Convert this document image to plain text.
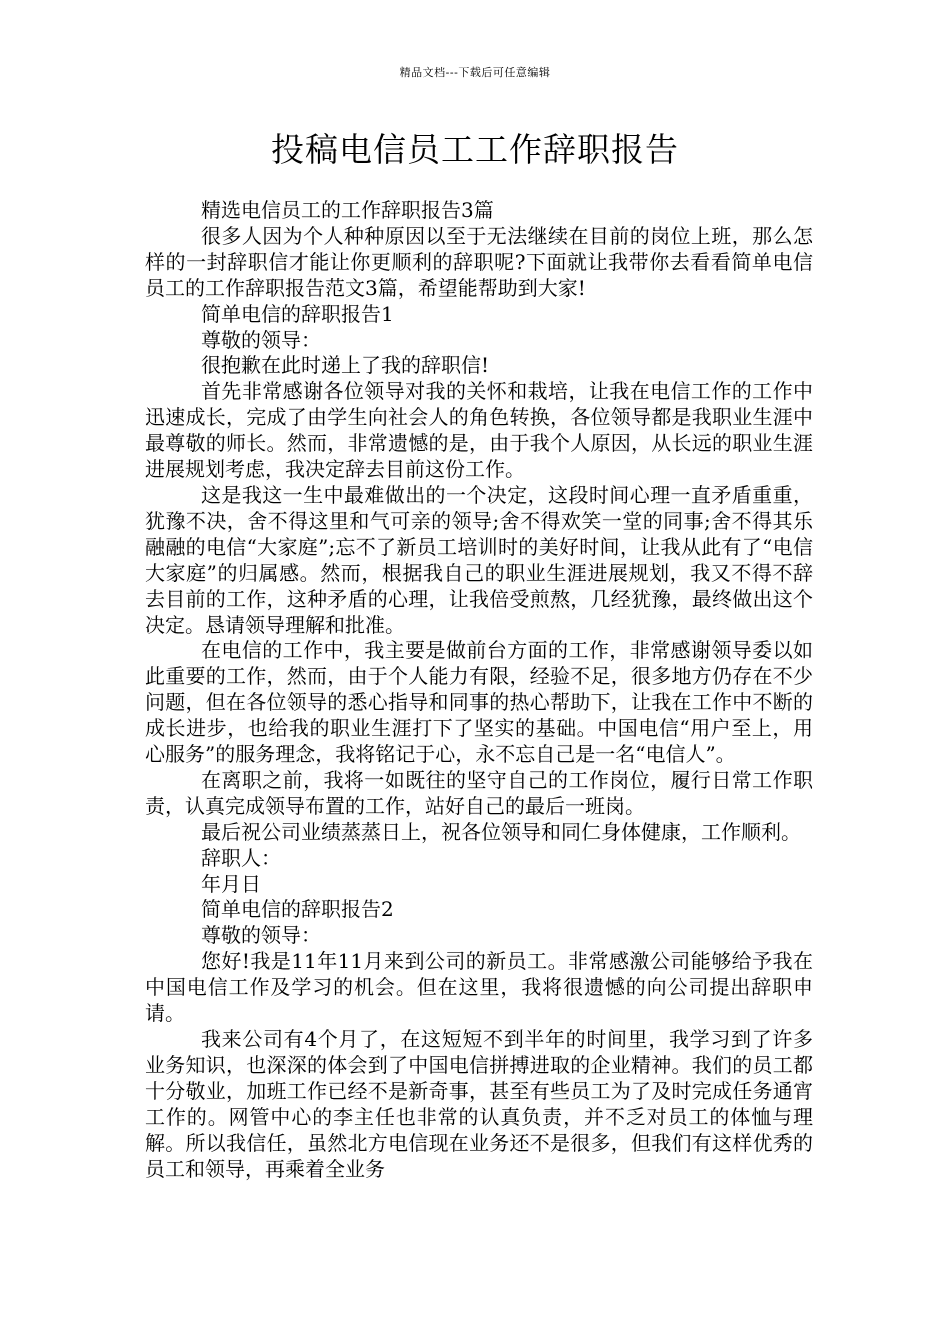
精品文档---下载后可任意编辑
投稿电信员工工作辞职报告

精选电信员工的工作辞职报告3篇

很多人因为个人种种原因以至于无法继续在目前的岗位上班，那么怎样的一封辞职信才能让你更顺利的辞职呢?下面就让我带你去看看简单电信员工的工作辞职报告范文3篇，希望能帮助到大家!

简单电信的辞职报告1

尊敬的领导：

很抱歉在此时递上了我的辞职信!

首先非常感谢各位领导对我的关怀和栽培，让我在电信工作的工作中迅速成长，完成了由学生向社会人的角色转换，各位领导都是我职业生涯中最尊敬的师长。然而，非常遗憾的是，由于我个人原因，从长远的职业生涯进展规划考虑，我决定辞去目前这份工作。

这是我这一生中最难做出的一个决定，这段时间心理一直矛盾重重，犹豫不决，舍不得这里和气可亲的领导;舍不得欢笑一堂的同事;舍不得其乐融融的电信“大家庭”;忘不了新员工培训时的美好时间，让我从此有了“电信大家庭”的归属感。然而，根据我自己的职业生涯进展规划，我又不得不辞去目前的工作，这种矛盾的心理，让我倍受煎熬，几经犹豫，最终做出这个决定。恳请领导理解和批准。

在电信的工作中，我主要是做前台方面的工作，非常感谢领导委以如此重要的工作，然而，由于个人能力有限，经验不足，很多地方仍存在不少问题，但在各位领导的悉心指导和同事的热心帮助下，让我在工作中不断的成长进步，也给我的职业生涯打下了坚实的基础。中国电信“用户至上，用心服务”的服务理念，我将铭记于心，永不忘自己是一名“电信人”。

在离职之前，我将一如既往的坚守自己的工作岗位，履行日常工作职责，认真完成领导布置的工作，站好自己的最后一班岗。

最后祝公司业绩蒸蒸日上，祝各位领导和同仁身体健康，工作顺利。

辞职人：

年月日

简单电信的辞职报告2

尊敬的领导：

您好!我是11年11月来到公司的新员工。非常感激公司能够给予我在中国电信工作及学习的机会。但在这里，我将很遗憾的向公司提出辞职申请。

我来公司有4个月了，在这短短不到半年的时间里，我学习到了许多业务知识，也深深的体会到了中国电信拼搏进取的企业精神。我们的员工都十分敬业，加班工作已经不是新奇事，甚至有些员工为了及时完成任务通宵工作的。网管中心的李主任也非常的认真负责，并不乏对员工的体恤与理解。所以我信任，虽然北方电信现在业务还不是很多，但我们有这样优秀的员工和领导，再乘着全业务
